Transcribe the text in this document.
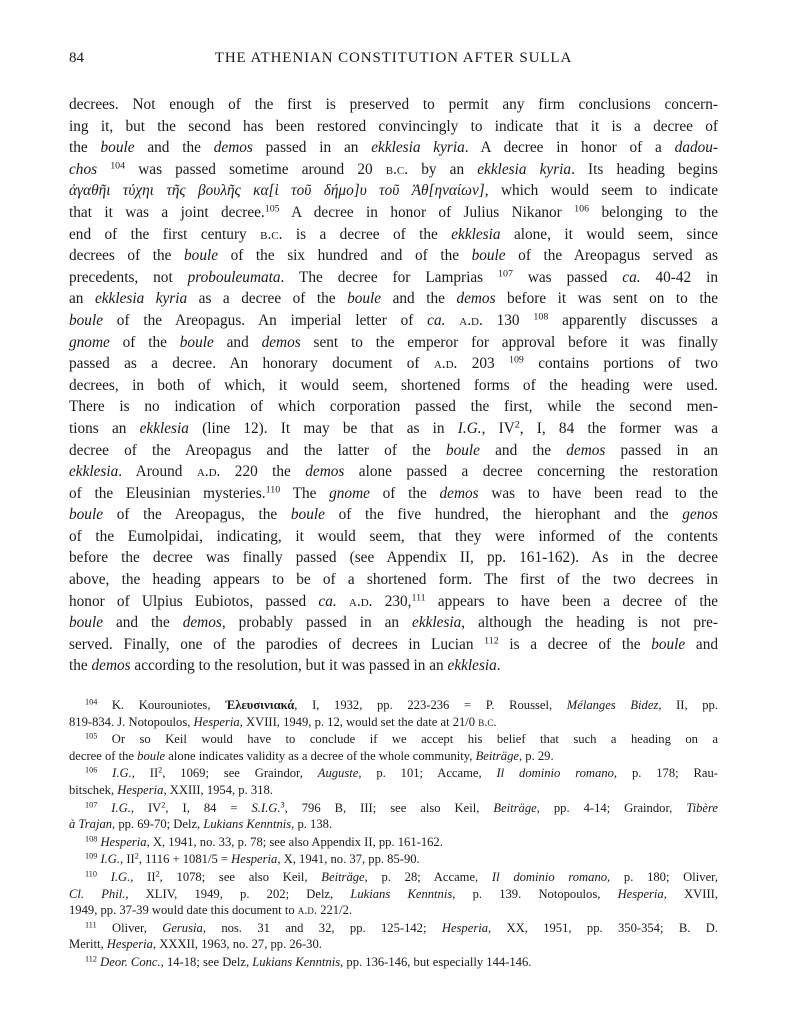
84	THE ATHENIAN CONSTITUTION AFTER SULLA
decrees. Not enough of the first is preserved to permit any firm conclusions concern-
ing it, but the second has been restored convincingly to indicate that it is a decree of
the boule and the demos passed in an ekklesia kyria. A decree in honor of a dadou-
chos $^{104}$ was passed sometime around 20 b.c. by an ekklesia kyria. Its heading begins
ἀγαθῆι τύχηι τῆς βουλῆς κα[ὶ τοῦ δήμο]υ τοῦ Ἀθ[ηναίων], which would seem to indicate
that it was a joint decree.$^{105}$ A decree in honor of Julius Nikanor $^{106}$ belonging to the
end of the first century b.c. is a decree of the ekklesia alone, it would seem, since
decrees of the boule of the six hundred and of the boule of the Areopagus served as
precedents, not probouleumata. The decree for Lamprias $^{107}$ was passed ca. 40-42 in
an ekklesia kyria as a decree of the boule and the demos before it was sent on to the
boule of the Areopagus. An imperial letter of ca. a.d. 130 $^{108}$ apparently discusses a
gnome of the boule and demos sent to the emperor for approval before it was finally
passed as a decree. An honorary document of a.d. 203 $^{109}$ contains portions of two
decrees, in both of which, it would seem, shortened forms of the heading were used.
There is no indication of which corporation passed the first, while the second men-
tions an ekklesia (line 12). It may be that as in I.G., $IV^2$, I, 84 the former was a
decree of the Areopagus and the latter of the boule and the demos passed in an
ekklesia. Around a.d. 220 the demos alone passed a decree concerning the restoration
of the Eleusinian mysteries.$^{110}$ The gnome of the demos was to have been read to the
boule of the Areopagus, the boule of the five hundred, the hierophant and the genos
of the Eumolpidai, indicating, it would seem, that they were informed of the contents
before the decree was finally passed (see Appendix II, pp. 161-162). As in the decree
above, the heading appears to be of a shortened form. The first of the two decrees in
honor of Ulpius Eubiotos, passed ca. a.d. 230,$^{111}$ appears to have been a decree of the
boule and the demos, probably passed in an ekklesia, although the heading is not pre-
served. Finally, one of the parodies of decrees in Lucian $^{112}$ is a decree of the boule and
the demos according to the resolution, but it was passed in an ekklesia.
$^{104}$ K. Kourouniotes, Ἐλευσινιακά, I, 1932, pp. 223-236 = P. Roussel, Mélanges Bidez, II, pp.
819-834. J. Notopoulos, Hesperia, XVIII, 1949, p. 12, would set the date at 21/0 b.c.
$^{105}$ Or so Keil would have to conclude if we accept his belief that such a heading on a
decree of the boule alone indicates validity as a decree of the whole community, Beiträge, p. 29.
$^{106}$ I.G., $II^2$, 1069; see Graindor, Auguste, p. 101; Accame, Il dominio romano, p. 178; Rau-
bitschek, Hesperia, XXIII, 1954, p. 318.
$^{107}$ I.G., $IV^2$, I, 84 = S.I.G.$^3$, 796 B, III; see also Keil, Beiträge, pp. 4-14; Graindor, Tibère
à Trajan, pp. 69-70; Delz, Lukians Kenntnis, p. 138.
$^{108}$ Hesperia, X, 1941, no. 33, p. 78; see also Appendix II, pp. 161-162.
$^{109}$ I.G., $II^2$, 1116 + 1081/5 = Hesperia, X, 1941, no. 37, pp. 85-90.
$^{110}$ I.G., $II^2$, 1078; see also Keil, Beiträge, p. 28; Accame, Il dominio romano, p. 180; Oliver,
Cl. Phil., XLIV, 1949, p. 202; Delz, Lukians Kenntnis, p. 139. Notopoulos, Hesperia, XVIII,
1949, pp. 37-39 would date this document to a.d. 221/2.
$^{111}$ Oliver, Gerusia, nos. 31 and 32, pp. 125-142; Hesperia, XX, 1951, pp. 350-354; B. D.
Meritt, Hesperia, XXXII, 1963, no. 27, pp. 26-30.
$^{112}$ Deor. Conc., 14-18; see Delz, Lukians Kenntnis, pp. 136-146, but especially 144-146.
